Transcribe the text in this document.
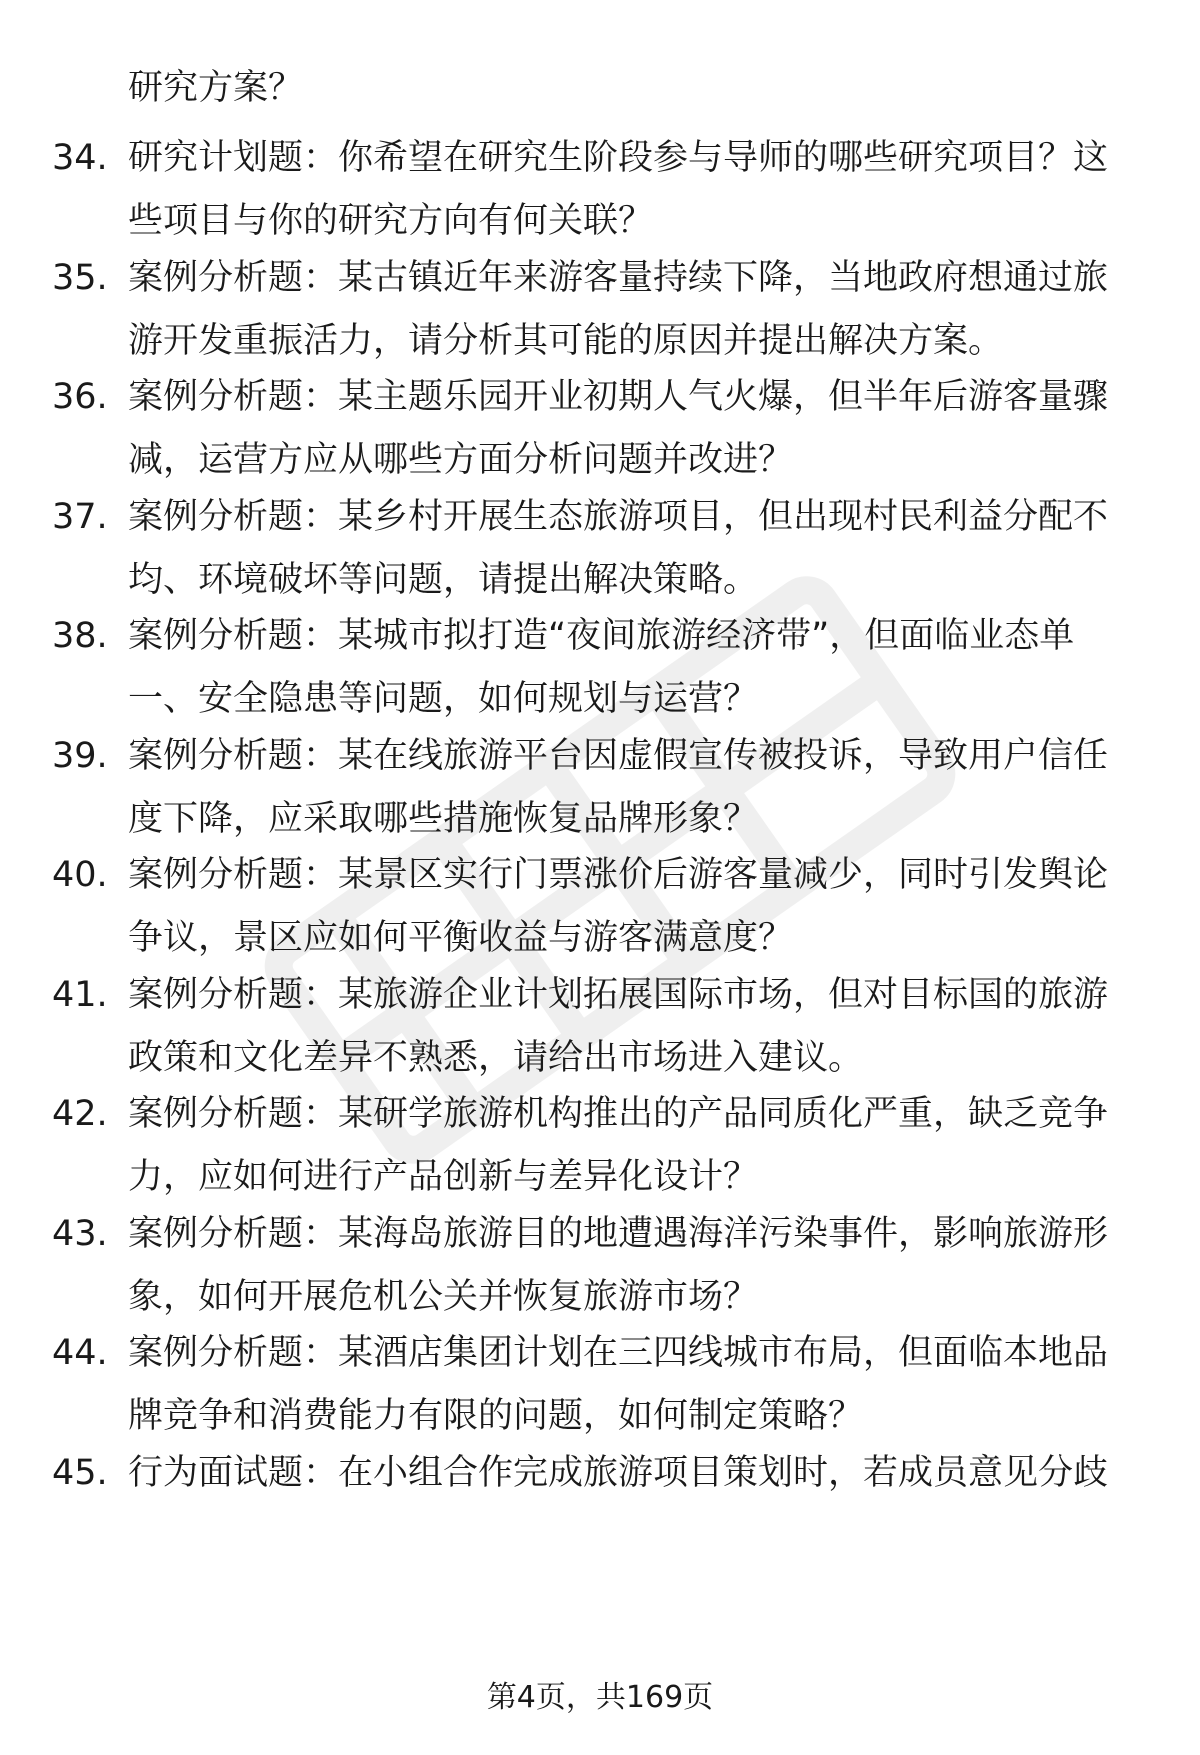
研究方案？
34. 研究计划题：你希望在研究生阶段参与导师的哪些研究项目？这
些项目与你的研究方向有何关联？
35. 案例分析题：某古镇近年来游客量持续下降，当地政府想通过旅
游开发重振活力，请分析其可能的原因并提出解决方案。
36. 案例分析题：某主题乐园开业初期人气火爆，但半年后游客量骤
减，运营方应从哪些方面分析问题并改进？
37. 案例分析题：某乡村开展生态旅游项目，但出现村民利益分配不
均、环境破坏等问题，请提出解决策略。
38. 案例分析题：某城市拟打造“夜间旅游经济带”，但面临业态单
一、安全隐患等问题，如何规划与运营？
39. 案例分析题：某在线旅游平台因虚假宣传被投诉，导致用户信任
度下降，应采取哪些措施恢复品牌形象？
40. 案例分析题：某景区实行门票涨价后游客量减少，同时引发舆论
争议，景区应如何平衡收益与游客满意度？
41. 案例分析题：某旅游企业计划拓展国际市场，但对目标国的旅游
政策和文化差异不熟悉，请给出市场进入建议。
42. 案例分析题：某研学旅游机构推出的产品同质化严重，缺乏竞争
力，应如何进行产品创新与差异化设计？
43. 案例分析题：某海岛旅游目的地遭遇海洋污染事件，影响旅游形
象，如何开展危机公关并恢复旅游市场？
44. 案例分析题：某酒店集团计划在三四线城市布局，但面临本地品
牌竞争和消费能力有限的问题，如何制定策略？
45. 行为面试题：在小组合作完成旅游项目策划时，若成员意见分歧
第4页，共169页
